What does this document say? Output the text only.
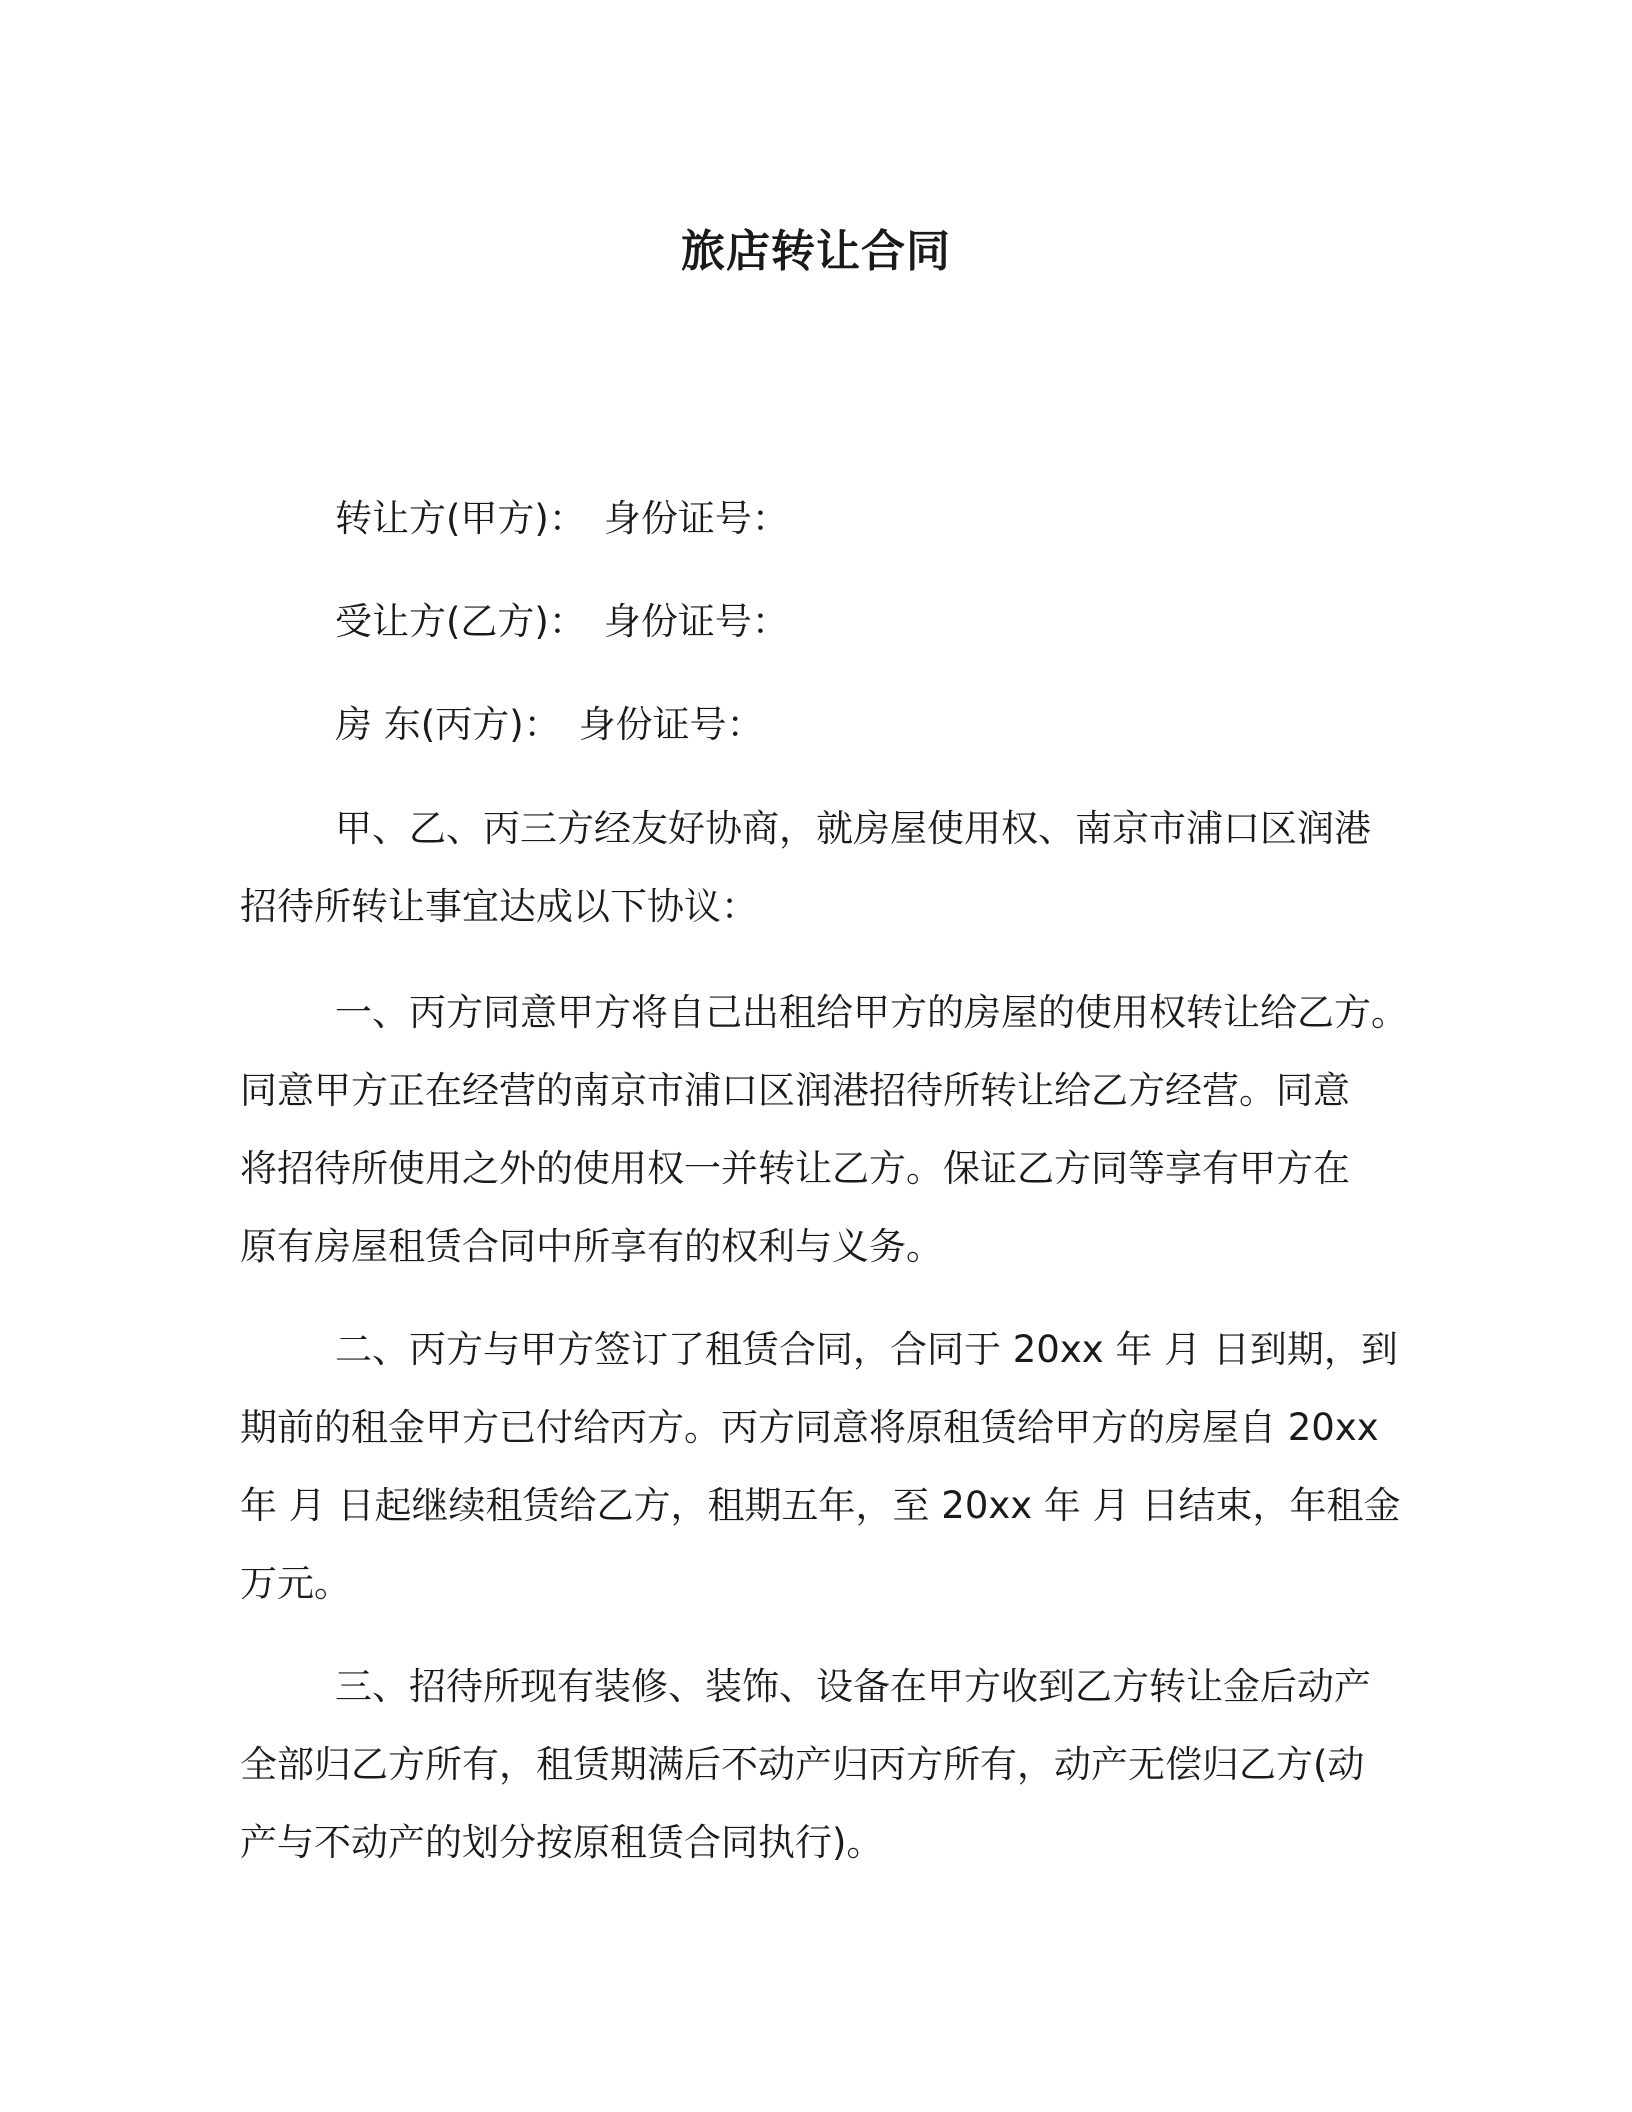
旅店转让合同
转让方(甲方)： 身份证号：
受让方(乙方)： 身份证号：
房 东(丙方)： 身份证号：
甲、乙、丙三方经友好协商，就房屋使用权、南京市浦口区润港
招待所转让事宜达成以下协议：
一、丙方同意甲方将自己出租给甲方的房屋的使用权转让给乙方。
同意甲方正在经营的南京市浦口区润港招待所转让给乙方经营。同意
将招待所使用之外的使用权一并转让乙方。保证乙方同等享有甲方在
原有房屋租赁合同中所享有的权利与义务。
二、丙方与甲方签订了租赁合同，合同于 20xx 年 月 日到期，到
期前的租金甲方已付给丙方。丙方同意将原租赁给甲方的房屋自 20xx
年 月 日起继续租赁给乙方，租期五年，至 20xx 年 月 日结束，年租金
万元。
三、招待所现有装修、装饰、设备在甲方收到乙方转让金后动产
全部归乙方所有，租赁期满后不动产归丙方所有，动产无偿归乙方(动
产与不动产的划分按原租赁合同执行)。
